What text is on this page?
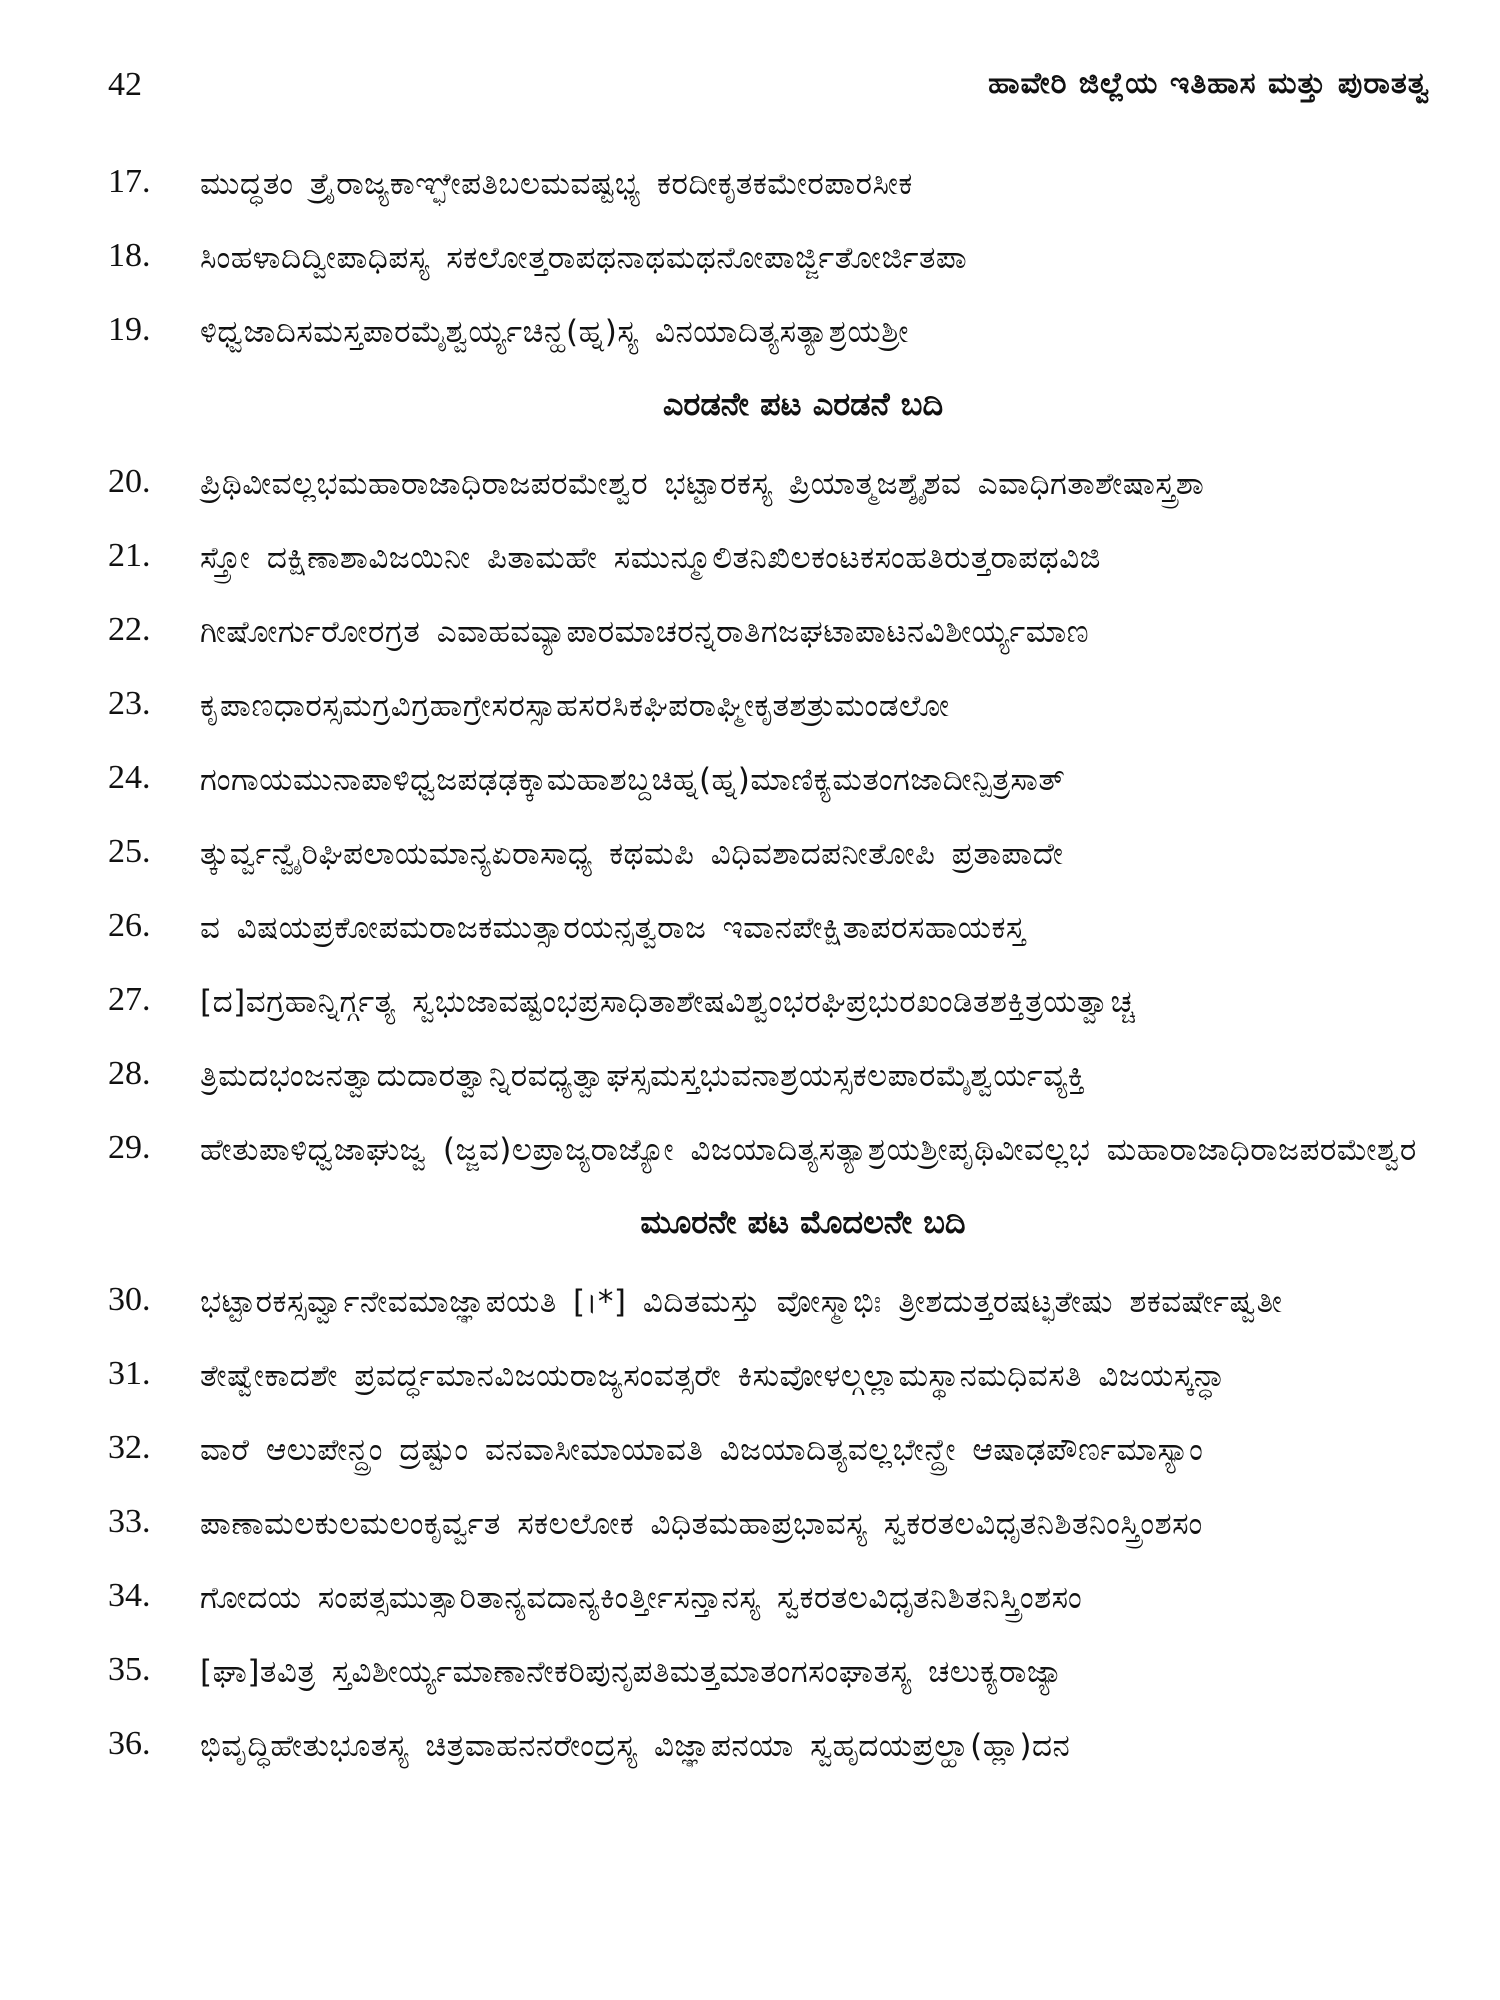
42	ಹಾವೇರಿ ಜಿಲ್ಲೆಯ ಇತಿಹಾಸ ಮತ್ತು ಪುರಾತತ್ವ
17.	ಮುದ್ಧತಂ ತ್ರೈರಾಜ್ಯಕಾಞ್ಛೇಪತಿಬಲಮವಷ್ಟಭ್ಯ ಕರದೀಕೃತಕಮೇರಪಾರಸೀಕ
18.	ಸಿಂಹಳಾದಿದ್ವೀಪಾಧಿಪಸ್ಯ ಸಕಲೋತ್ತರಾಪಥನಾಥಮಥನೋಪಾರ್ಜ್ಜಿತೋರ್ಜಿತಪಾ
19.	ಳಿಧ್ವಜಾದಿಸಮಸ್ತಪಾರಮೈಶ್ವರ್ಯ್ಯಚಿನ್ಹ(ಹ್ನ)ಸ್ಯ ವಿನಯಾದಿತ್ಯಸತ್ಯಾಶ್ರಯಶ್ರೀ
ಎರಡನೇ ಪಟ ಎರಡನೆ ಬದಿ
20.	ಪ್ರಿಥಿವೀವಲ್ಲಭಮಹಾರಾಜಾಧಿರಾಜಪರಮೇಶ್ವರ ಭಟ್ಟಾರಕಸ್ಯ ಪ್ರಿಯಾತ್ಮಜಶ್ಶೈಶವ ಎವಾಧಿಗತಾಶೇಷಾಸ್ತ್ರಶಾ
21.	ಸ್ತ್ರೋ ದಕ್ಷಿಣಾಶಾವಿಜಯಿನೀ ಪಿತಾಮಹೇ ಸಮುನ್ಮೂಲಿತನಿಖಿಲಕಂಟಕಸಂಹತಿರುತ್ತರಾಪಥವಿಜಿ
22.	ಗೀಷೋರ್ಗುರೋರಗ್ರತ ಎವಾಹವವ್ಯಾಪಾರಮಾಚರನ್ನರಾತಿಗಜಘಟಾಪಾಟನವಿಶೀರ್ಯ್ಯಮಾಣ
23.	ಕೃಪಾಣಧಾರಸ್ಸಮಗ್ರವಿಗ್ರಹಾಗ್ರೇಸರಸ್ಸಾಹಸರಸಿಕಘಿಪರಾಘ್ಮೀಕೃತಶತ್ರುಮಂಡಲೋ
24.	ಗಂಗಾಯಮುನಾಪಾಳಿಧ್ವಜಪಢಢಕ್ಕಾಮಹಾಶಬ್ದಚಿಹ್ನ(ಹ್ನ)ಮಾಣಿಕ್ಯಮತಂಗಜಾದೀನ್ಪಿತ್ರಸಾತ್
25.	ತ್ಕುರ್ವ್ವನ್ವೈರಿಘಿಪಲಾಯಮಾನ್ಯಏರಾಸಾಧ್ಯ ಕಥಮಪಿ ವಿಧಿವಶಾದಪನೀತೋಪಿ ಪ್ರತಾಪಾದೇ
26.	ವ ವಿಷಯಪ್ರಕೋಪಮರಾಜಕಮುತ್ಸಾರಯನ್ಸತ್ವರಾಜ ಇವಾನಪೇಕ್ಷಿತಾಪರಸಹಾಯಕಸ್ತ
27.	[ದ]ವಗ್ರಹಾನ್ನಿರ್ಗ್ಗತ್ಯ ಸ್ವಭುಜಾವಷ್ಟಂಭಪ್ರಸಾಧಿತಾಶೇಷವಿಶ್ವಂಭರಘಿಪ್ರಭುರಖಂಡಿತಶಕ್ತಿತ್ರಯತ್ವಾಚ್ಚ
28.	ತ್ರಿಮದಭಂಜನತ್ವಾದುದಾರತ್ವಾನ್ನಿರವಧ್ಯತ್ವಾಘಸ್ಸಮಸ್ತಭುವನಾಶ್ರಯಸ್ಸಕಲಪಾರಮೈಶ್ವರ್ಯವ್ಯಕ್ತಿ
29.	ಹೇತುಪಾಳಿಧ್ವಜಾಘುಜ್ವ (ಜ್ಜವ)ಲಪ್ರಾಜ್ಯರಾಜ್ಯೋ ವಿಜಯಾದಿತ್ಯಸತ್ಯಾಶ್ರಯಶ್ರೀಪೃಥಿವೀವಲ್ಲಭ ಮಹಾರಾಜಾಧಿರಾಜಪರಮೇಶ್ವರ
ಮೂರನೇ ಪಟ ಮೊದಲನೇ ಬದಿ
30.	ಭಟ್ಟಾರಕಸ್ಸರ್ವ್ವಾನೇವಮಾಜ್ಞಾಪಯತಿ [।*] ವಿದಿತಮಸ್ತು ವೋಸ್ಮಾಭಿಃ ತ್ರೀಶದುತ್ತರಷಟ್ಛತೇಷು ಶಕವರ್ಷೇಷ್ವತೀ
31.	ತೇಷ್ವೇಕಾದಶೇ ಪ್ರವರ್ದ್ಧಮಾನವಿಜಯರಾಜ್ಯಸಂವತ್ಸರೇ ಕಿಸುವೋಳಲ್ಗಲ್ಲಾಮಸ್ಥಾನಮಧಿವಸತಿ ವಿಜಯಸ್ಕನ್ಧಾ
32.	ವಾರೆ ಆಲುಪೇನ್ದ್ರಂ ದ್ರಷ್ಟುಂ ವನವಾಸೀಮಾಯಾವತಿ ವಿಜಯಾದಿತ್ಯವಲ್ಲಭೇನ್ದ್ರೇ ಆಷಾಢಪೌರ್ಣಮಾಸ್ಯಾಂ
33.	ಪಾಣಾಮಲಕುಲಮಲಂಕೃರ್ವ್ವತ ಸಕಲಲೋಕ ವಿಧಿತಮಹಾಪ್ರಭಾವಸ್ಯ ಸ್ವಕರತಲವಿಧೃತನಿಶಿತನಿಂಸ್ತ್ರಿಂಶಸಂ
34.	ಗೋದಯ ಸಂಪತ್ಸಮುತ್ಸಾರಿತಾನ್ಯವದಾನ್ಯಕಿಂರ್ತ್ತೀಸನ್ತಾನಸ್ಯ ಸ್ವಕರತಲವಿಧೃತನಿಶಿತನಿಸ್ತ್ರಿಂಶಸಂ
35.	[ಘಾ]ತವಿತ್ರ ಸ್ತವಿಶೀರ್ಯ್ಯಮಾಣಾನೇಕರಿಪುನೃಪತಿಮತ್ತಮಾತಂಗಸಂಘಾತಸ್ಯ ಚಲುಕ್ಯರಾಜ್ಯಾ
36.	ಭಿವೃದ್ಧಿಹೇತುಭೂತಸ್ಯ ಚಿತ್ರವಾಹನನರೇಂದ್ರಸ್ಯ ವಿಜ್ಞಾಪನಯಾ ಸ್ವಹೃದಯಪ್ರಲ್ಹಾ(ಹ್ಲಾ)ದನ
